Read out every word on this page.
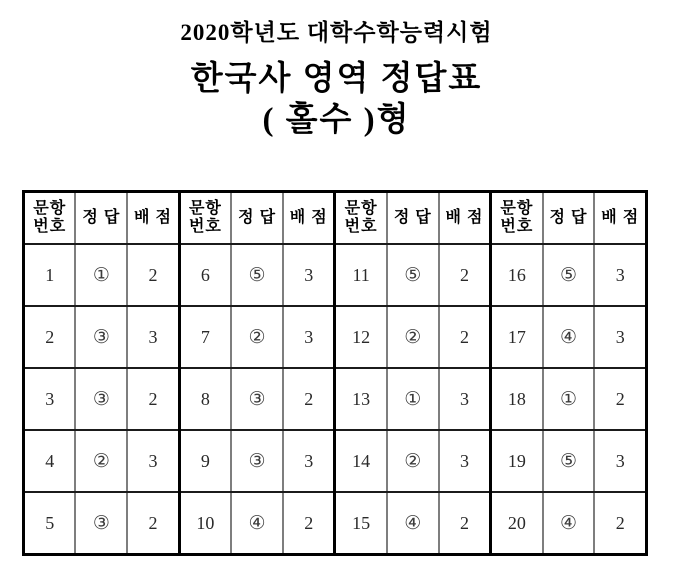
2020학년도 대학수학능력시험
한국사 영역 정답표
( 홀수 )형
문항
번호	정 답	배 점	문항
번호	정 답	배 점	문항
번호	정 답	배 점	문항
번호	정 답	배 점
1	①	2	6	⑤	3	11	⑤	2	16	⑤	3
2	③	3	7	②	3	12	②	2	17	④	3
3	③	2	8	③	2	13	①	3	18	①	2
4	②	3	9	③	3	14	②	3	19	⑤	3
5	③	2	10	④	2	15	④	2	20	④	2
